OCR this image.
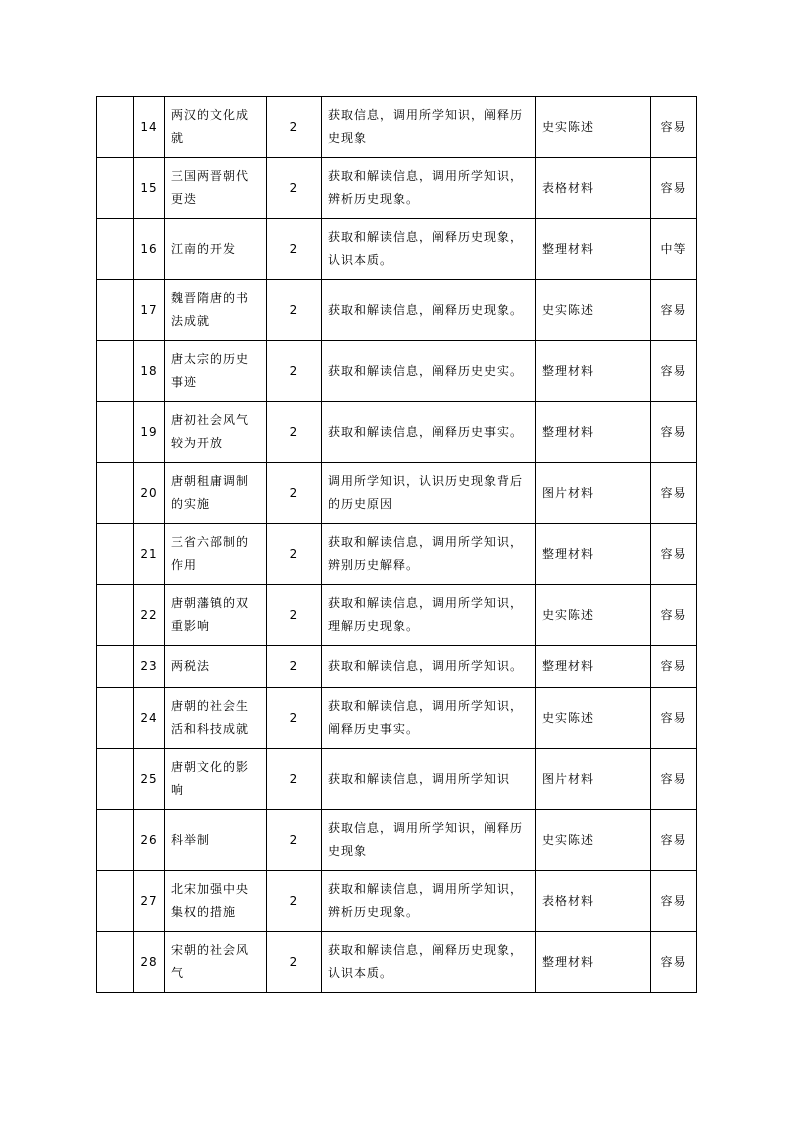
	14	两汉的文化成就	2	获取信息，调用所学知识，阐释历史现象	史实陈述	容易
	15	三国两晋朝代更迭	2	获取和解读信息，调用所学知识，辨析历史现象。	表格材料	容易
	16	江南的开发	2	获取和解读信息，阐释历史现象，认识本质。	整理材料	中等
	17	魏晋隋唐的书法成就	2	获取和解读信息，阐释历史现象。	史实陈述	容易
	18	唐太宗的历史事迹	2	获取和解读信息，阐释历史史实。	整理材料	容易
	19	唐初社会风气较为开放	2	获取和解读信息，阐释历史事实。	整理材料	容易
	20	唐朝租庸调制的实施	2	调用所学知识，认识历史现象背后的历史原因	图片材料	容易
	21	三省六部制的作用	2	获取和解读信息，调用所学知识，辨别历史解释。	整理材料	容易
	22	唐朝藩镇的双重影响	2	获取和解读信息，调用所学知识，理解历史现象。	史实陈述	容易
	23	两税法	2	获取和解读信息，调用所学知识。	整理材料	容易
	24	唐朝的社会生活和科技成就	2	获取和解读信息，调用所学知识，阐释历史事实。	史实陈述	容易
	25	唐朝文化的影响	2	获取和解读信息，调用所学知识	图片材料	容易
	26	科举制	2	获取信息，调用所学知识，阐释历史现象	史实陈述	容易
	27	北宋加强中央集权的措施	2	获取和解读信息，调用所学知识，辨析历史现象。	表格材料	容易
	28	宋朝的社会风气	2	获取和解读信息，阐释历史现象，认识本质。	整理材料	容易
